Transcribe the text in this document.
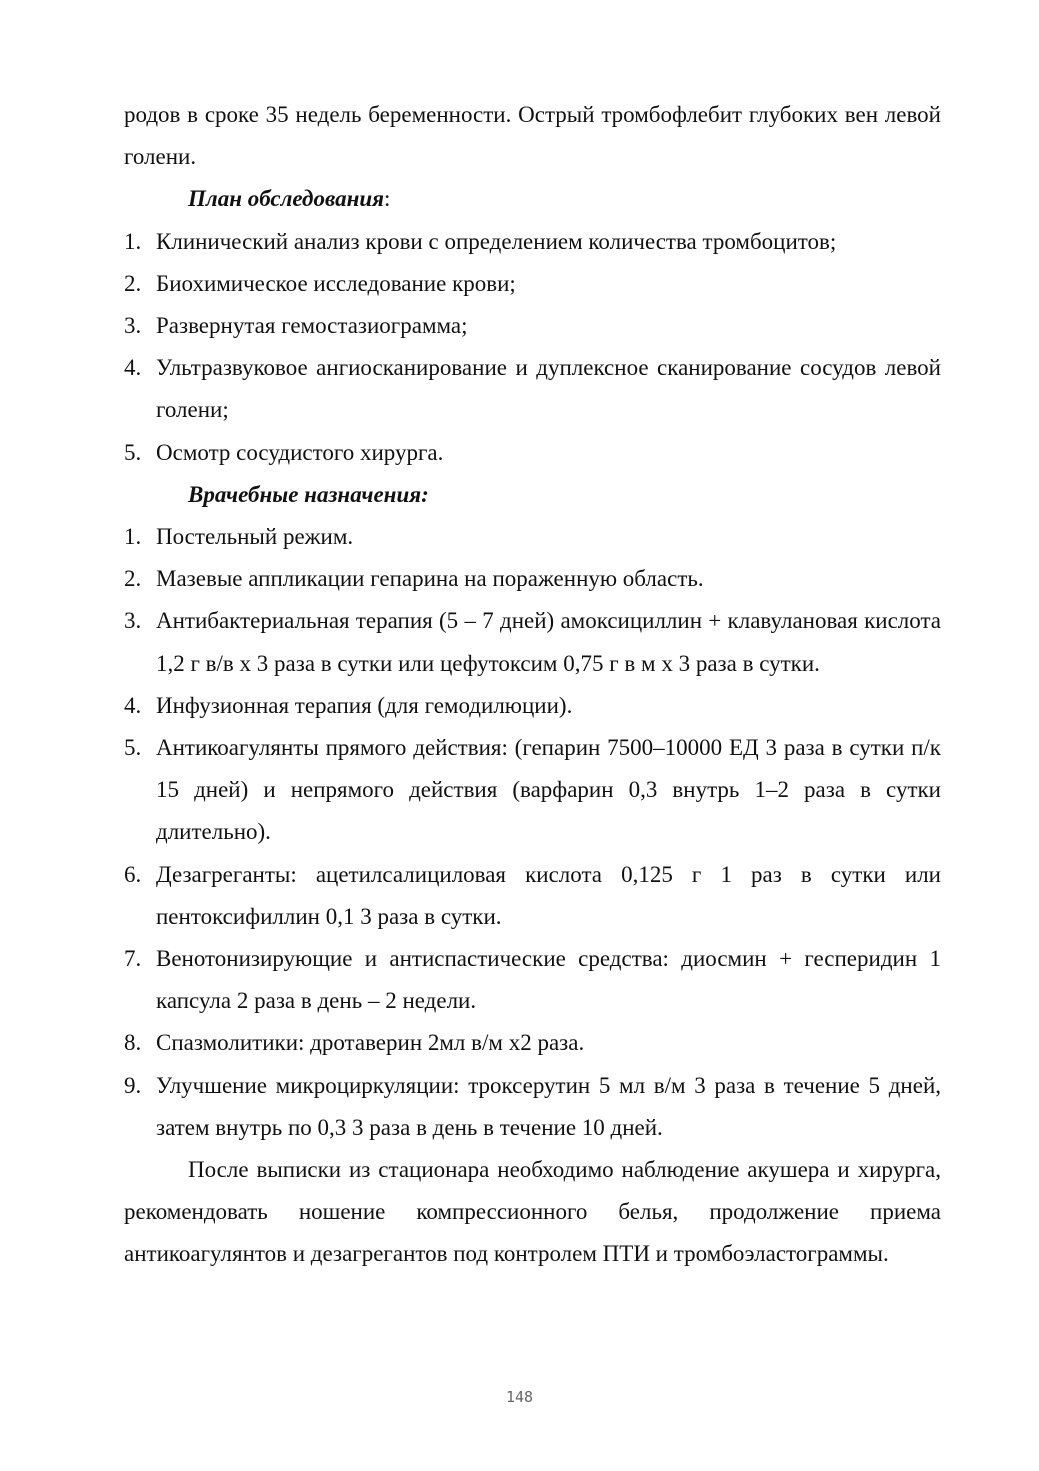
родов в сроке 35 недель беременности. Острый тромбофлебит глубоких вен левой голени.

План обследования:

1. Клинический анализ крови с определением количества тромбоцитов;
2. Биохимическое исследование крови;
3. Развернутая гемостазиограмма;
4. Ультразвуковое ангиосканирование и дуплексное сканирование сосудов левой голени;
5. Осмотр сосудистого хирурга.

Врачебные назначения:

1. Постельный режим.
2. Мазевые аппликации гепарина на пораженную область.
3. Антибактериальная терапия (5 – 7 дней) амоксициллин + клавулановая кислота 1,2 г в/в х 3 раза в сутки или цефутоксим 0,75 г в м х 3 раза в сутки.
4. Инфузионная терапия (для гемодилюции).
5. Антикоагулянты прямого действия: (гепарин 7500–10000 ЕД 3 раза в сутки п/к 15 дней) и непрямого действия (варфарин 0,3 внутрь 1–2 раза в сутки длительно).
6. Дезагреганты: ацетилсалициловая кислота 0,125 г 1 раз в сутки или пентоксифиллин 0,1 3 раза в сутки.
7. Венотонизирующие и антиспастические средства: диосмин + гесперидин 1 капсула 2 раза в день – 2 недели.
8. Спазмолитики: дротаверин 2мл в/м х2 раза.
9. Улучшение микроциркуляции: троксерутин 5 мл в/м 3 раза в течение 5 дней, затем внутрь по 0,3 3 раза в день в течение 10 дней.

После выписки из стационара необходимо наблюдение акушера и хирурга, рекомендовать ношение компрессионного белья, продолжение приема антикоагулянтов и дезагрегантов под контролем ПТИ и тромбоэластограммы.

148
